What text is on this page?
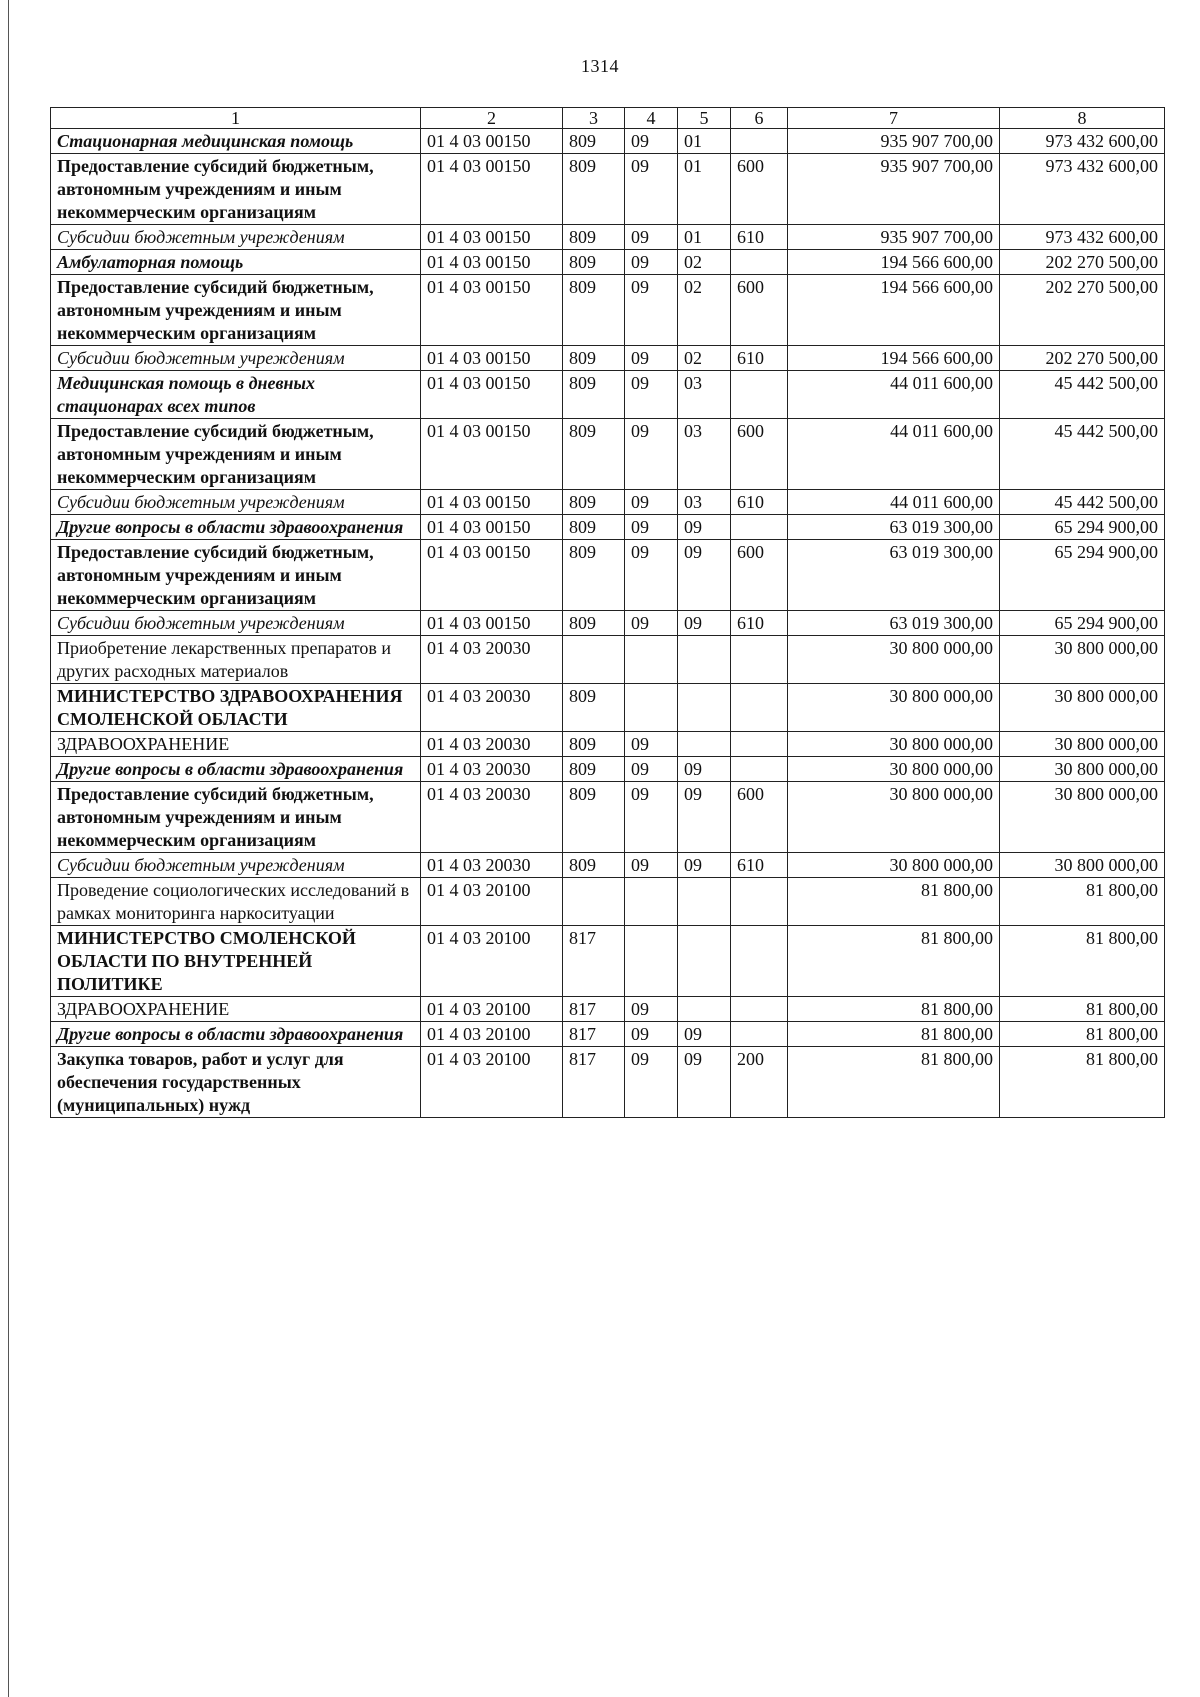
1314
1	2	3	4	5	6	7	8
Стационарная медицинская помощь	01 4 03 00150	809	09	01		935 907 700,00	973 432 600,00
Предоставление субсидий бюджетным, автономным учреждениям и иным некоммерческим организациям	01 4 03 00150	809	09	01	600	935 907 700,00	973 432 600,00
Субсидии бюджетным учреждениям	01 4 03 00150	809	09	01	610	935 907 700,00	973 432 600,00
Амбулаторная помощь	01 4 03 00150	809	09	02		194 566 600,00	202 270 500,00
Предоставление субсидий бюджетным, автономным учреждениям и иным некоммерческим организациям	01 4 03 00150	809	09	02	600	194 566 600,00	202 270 500,00
Субсидии бюджетным учреждениям	01 4 03 00150	809	09	02	610	194 566 600,00	202 270 500,00
Медицинская помощь в дневных стационарах всех типов	01 4 03 00150	809	09	03		44 011 600,00	45 442 500,00
Предоставление субсидий бюджетным, автономным учреждениям и иным некоммерческим организациям	01 4 03 00150	809	09	03	600	44 011 600,00	45 442 500,00
Субсидии бюджетным учреждениям	01 4 03 00150	809	09	03	610	44 011 600,00	45 442 500,00
Другие вопросы в области здравоохранения	01 4 03 00150	809	09	09		63 019 300,00	65 294 900,00
Предоставление субсидий бюджетным, автономным учреждениям и иным некоммерческим организациям	01 4 03 00150	809	09	09	600	63 019 300,00	65 294 900,00
Субсидии бюджетным учреждениям	01 4 03 00150	809	09	09	610	63 019 300,00	65 294 900,00
Приобретение лекарственных препаратов и других расходных материалов	01 4 03 20030					30 800 000,00	30 800 000,00
МИНИСТЕРСТВО ЗДРАВООХРАНЕНИЯ СМОЛЕНСКОЙ ОБЛАСТИ	01 4 03 20030	809				30 800 000,00	30 800 000,00
ЗДРАВООХРАНЕНИЕ	01 4 03 20030	809	09			30 800 000,00	30 800 000,00
Другие вопросы в области здравоохранения	01 4 03 20030	809	09	09		30 800 000,00	30 800 000,00
Предоставление субсидий бюджетным, автономным учреждениям и иным некоммерческим организациям	01 4 03 20030	809	09	09	600	30 800 000,00	30 800 000,00
Субсидии бюджетным учреждениям	01 4 03 20030	809	09	09	610	30 800 000,00	30 800 000,00
Проведение социологических исследований в рамках мониторинга наркоситуации	01 4 03 20100					81 800,00	81 800,00
МИНИСТЕРСТВО СМОЛЕНСКОЙ ОБЛАСТИ ПО ВНУТРЕННЕЙ ПОЛИТИКЕ	01 4 03 20100	817				81 800,00	81 800,00
ЗДРАВООХРАНЕНИЕ	01 4 03 20100	817	09			81 800,00	81 800,00
Другие вопросы в области здравоохранения	01 4 03 20100	817	09	09		81 800,00	81 800,00
Закупка товаров, работ и услуг для обеспечения государственных (муниципальных) нужд	01 4 03 20100	817	09	09	200	81 800,00	81 800,00
